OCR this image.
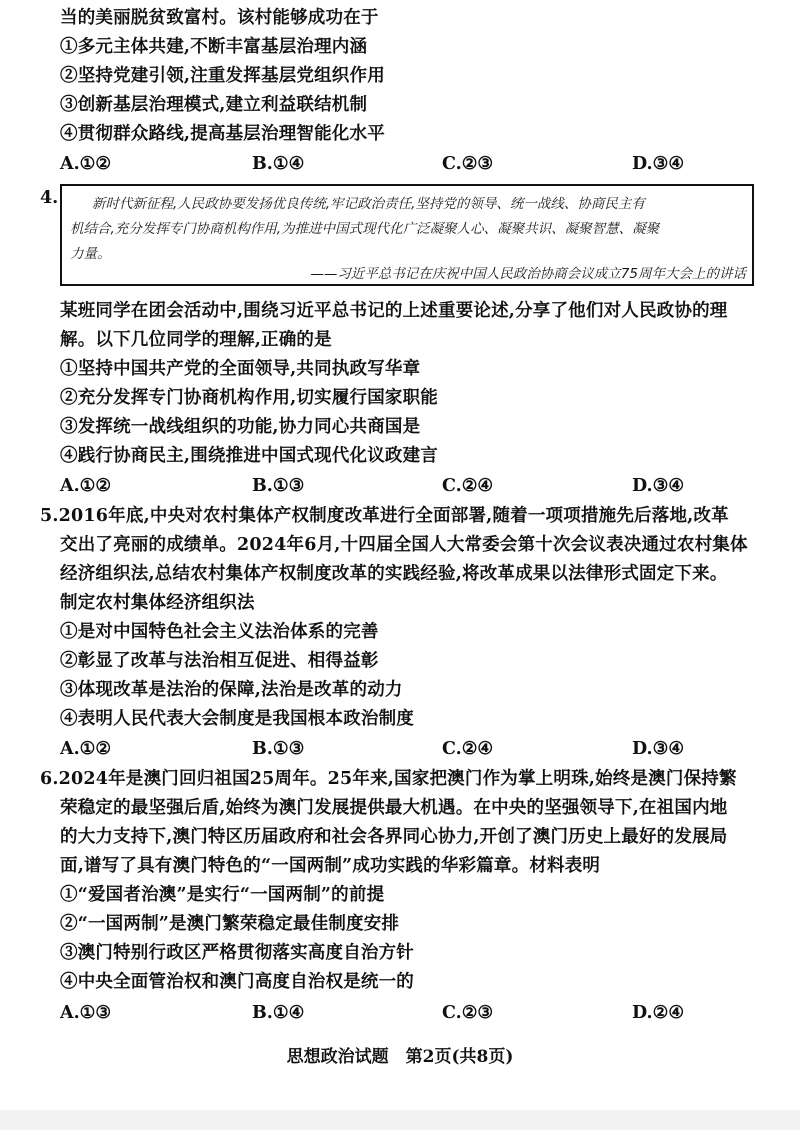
当的美丽脱贫致富村。该村能够成功在于
①多元主体共建,不断丰富基层治理内涵
②坚持党建引领,注重发挥基层党组织作用
③创新基层治理模式,建立利益联结机制
④贯彻群众路线,提高基层治理智能化水平
A.①②	B.①④	C.②③	D.③④
4. 新时代新征程,人民政协要发扬优良传统,牢记政治责任,坚持党的领导、统一战线、协商民主有
机结合,充分发挥专门协商机构作用,为推进中国式现代化广泛凝聚人心、凝聚共识、凝聚智慧、凝聚
力量。
——习近平总书记在庆祝中国人民政治协商会议成立75周年大会上的讲话
某班同学在团会活动中,围绕习近平总书记的上述重要论述,分享了他们对人民政协的理
解。以下几位同学的理解,正确的是
①坚持中国共产党的全面领导,共同执政写华章
②充分发挥专门协商机构作用,切实履行国家职能
③发挥统一战线组织的功能,协力同心共商国是
④践行协商民主,围绕推进中国式现代化议政建言
A.①②	B.①③	C.②④	D.③④
5.2016年底,中央对农村集体产权制度改革进行全面部署,随着一项项措施先后落地,改革
交出了亮丽的成绩单。2024年6月,十四届全国人大常委会第十次会议表决通过农村集体
经济组织法,总结农村集体产权制度改革的实践经验,将改革成果以法律形式固定下来。
制定农村集体经济组织法
①是对中国特色社会主义法治体系的完善
②彰显了改革与法治相互促进、相得益彰
③体现改革是法治的保障,法治是改革的动力
④表明人民代表大会制度是我国根本政治制度
A.①②	B.①③	C.②④	D.③④
6.2024年是澳门回归祖国25周年。25年来,国家把澳门作为掌上明珠,始终是澳门保持繁
荣稳定的最坚强后盾,始终为澳门发展提供最大机遇。在中央的坚强领导下,在祖国内地
的大力支持下,澳门特区历届政府和社会各界同心协力,开创了澳门历史上最好的发展局
面,谱写了具有澳门特色的“一国两制”成功实践的华彩篇章。材料表明
①“爱国者治澳”是实行“一国两制”的前提
②“一国两制”是澳门繁荣稳定最佳制度安排
③澳门特别行政区严格贯彻落实高度自治方针
④中央全面管治权和澳门高度自治权是统一的
A.①③	B.①④	C.②③	D.②④
思想政治试题　第2页(共8页)
